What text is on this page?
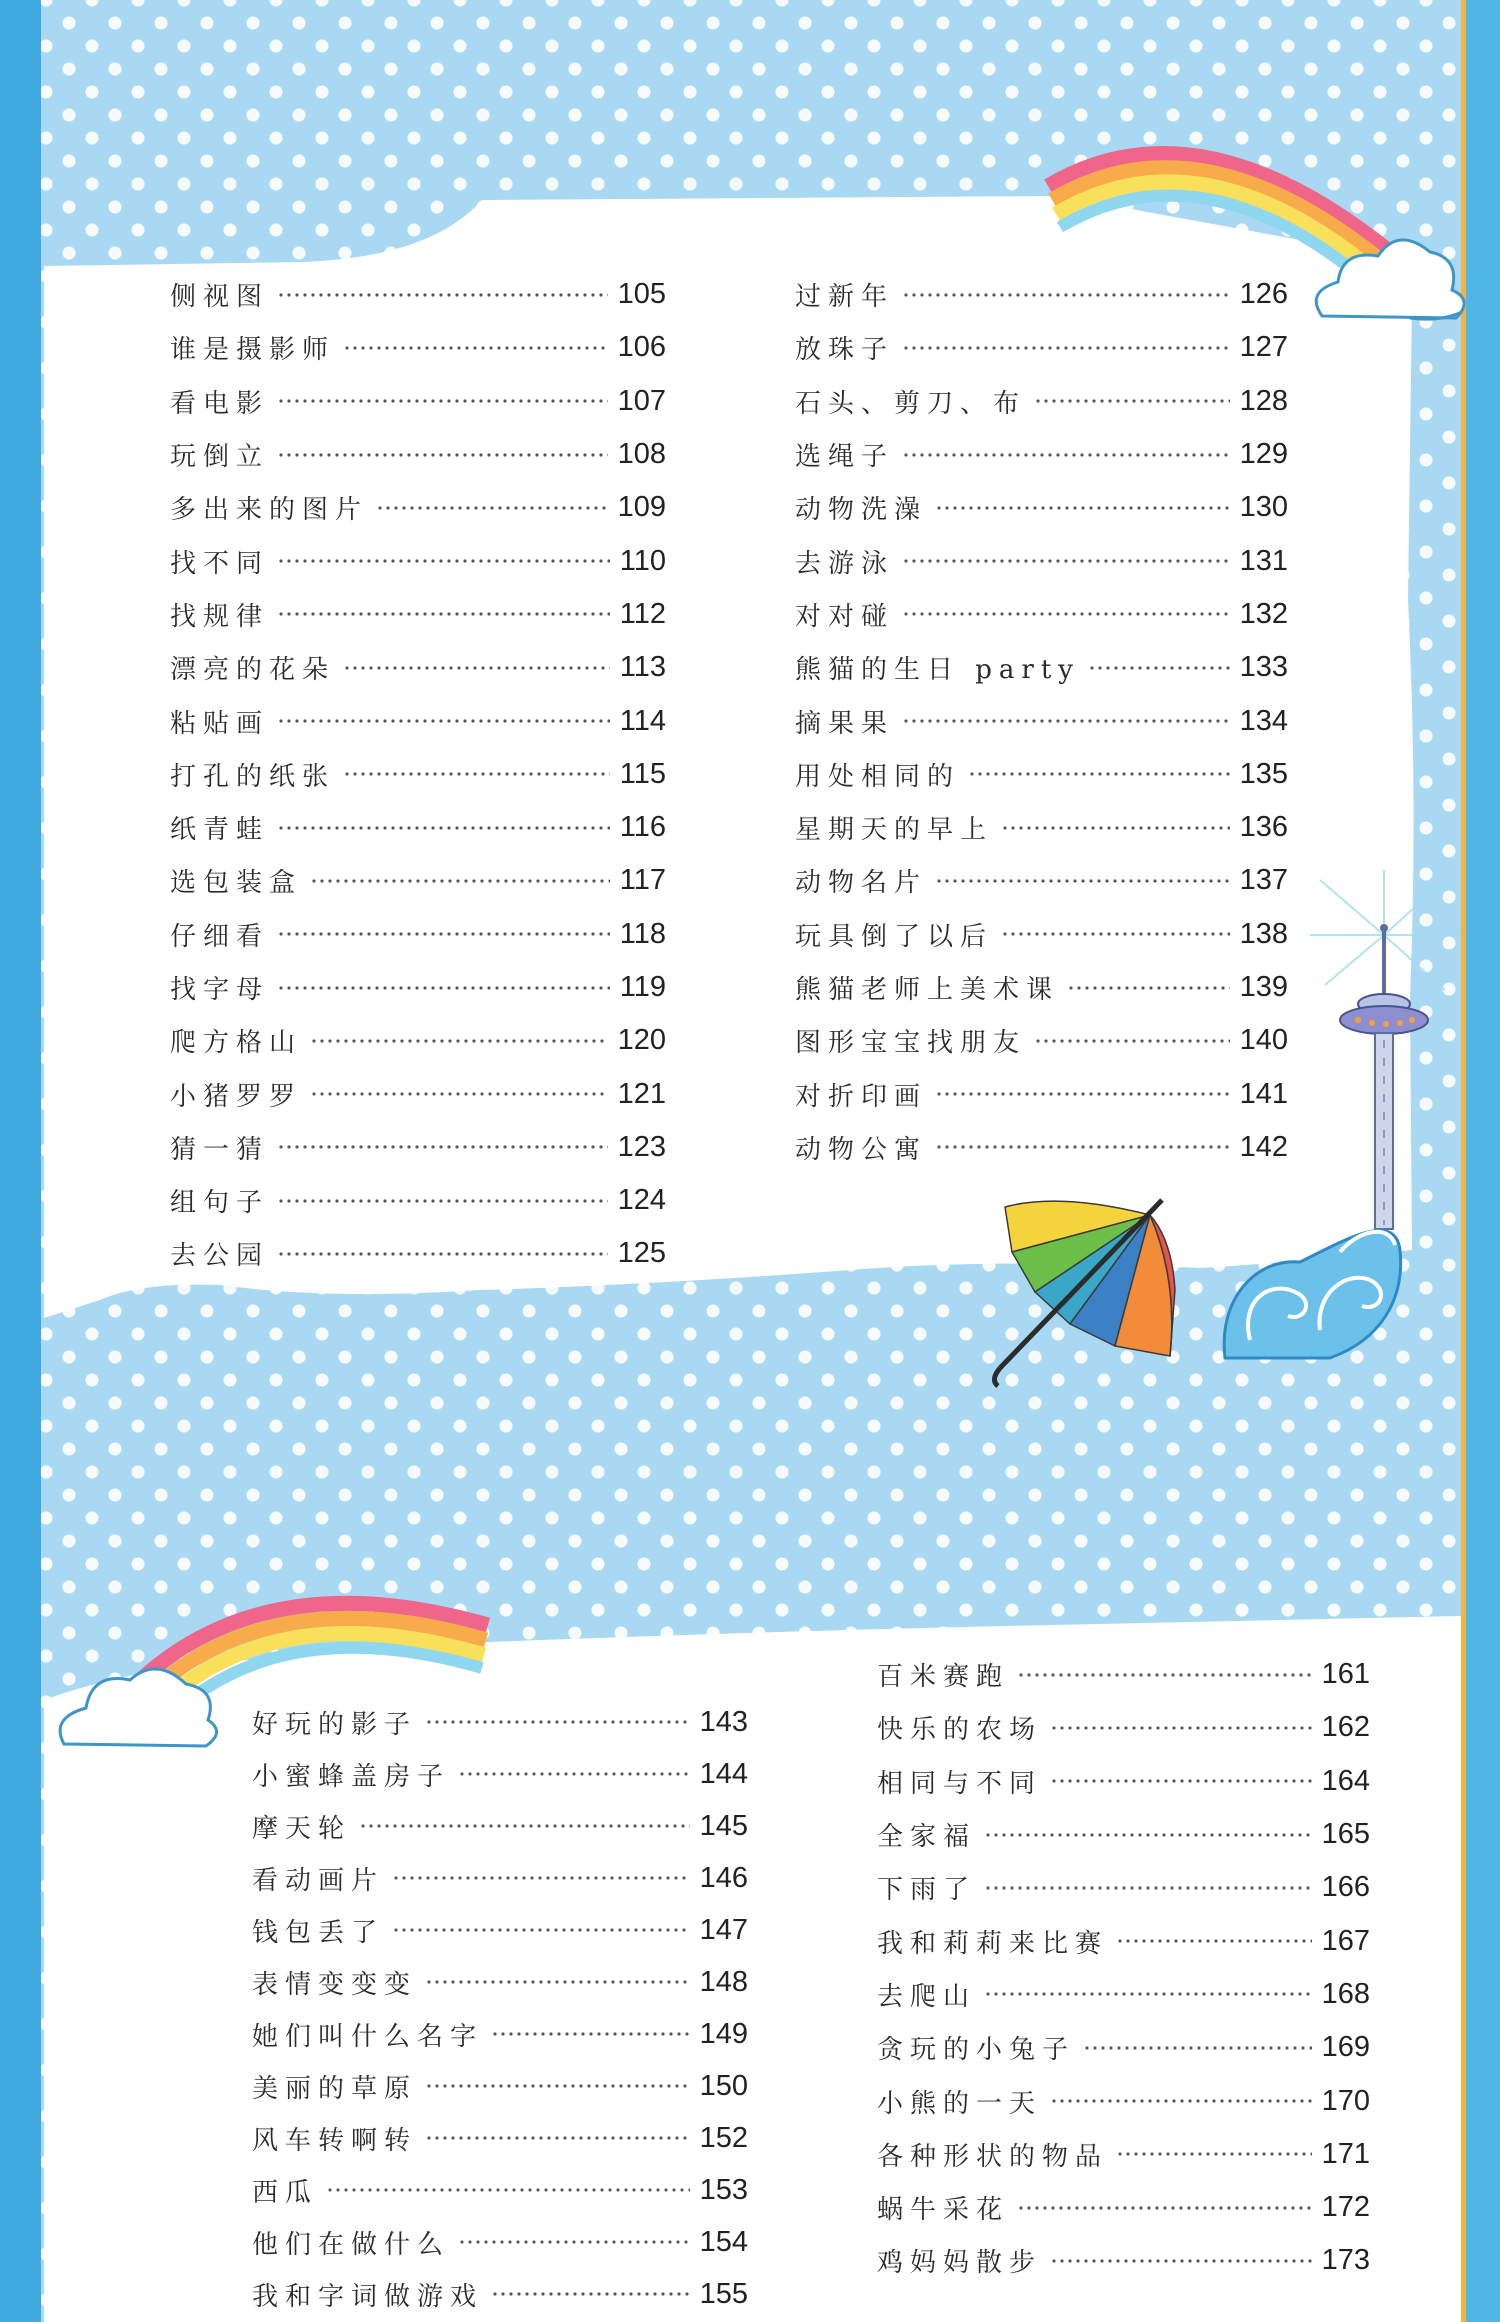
侧视图	105
谁是摄影师	106
看电影	107
玩倒立	108
多出来的图片	109
找不同	110
找规律	112
漂亮的花朵	113
粘贴画	114
打孔的纸张	115
纸青蛙	116
选包装盒	117
仔细看	118
找字母	119
爬方格山	120
小猪罗罗	121
猜一猜	123
组句子	124
去公园	125
过新年	126
放珠子	127
石头、剪刀、布	128
选绳子	129
动物洗澡	130
去游泳	131
对对碰	132
熊猫的生日 party	133
摘果果	134
用处相同的	135
星期天的早上	136
动物名片	137
玩具倒了以后	138
熊猫老师上美术课	139
图形宝宝找朋友	140
对折印画	141
动物公寓	142
好玩的影子	143
小蜜蜂盖房子	144
摩天轮	145
看动画片	146
钱包丢了	147
表情变变变	148
她们叫什么名字	149
美丽的草原	150
风车转啊转	152
西瓜	153
他们在做什么	154
我和字词做游戏	155
百米赛跑	161
快乐的农场	162
相同与不同	164
全家福	165
下雨了	166
我和莉莉来比赛	167
去爬山	168
贪玩的小兔子	169
小熊的一天	170
各种形状的物品	171
蜗牛采花	172
鸡妈妈散步	173
